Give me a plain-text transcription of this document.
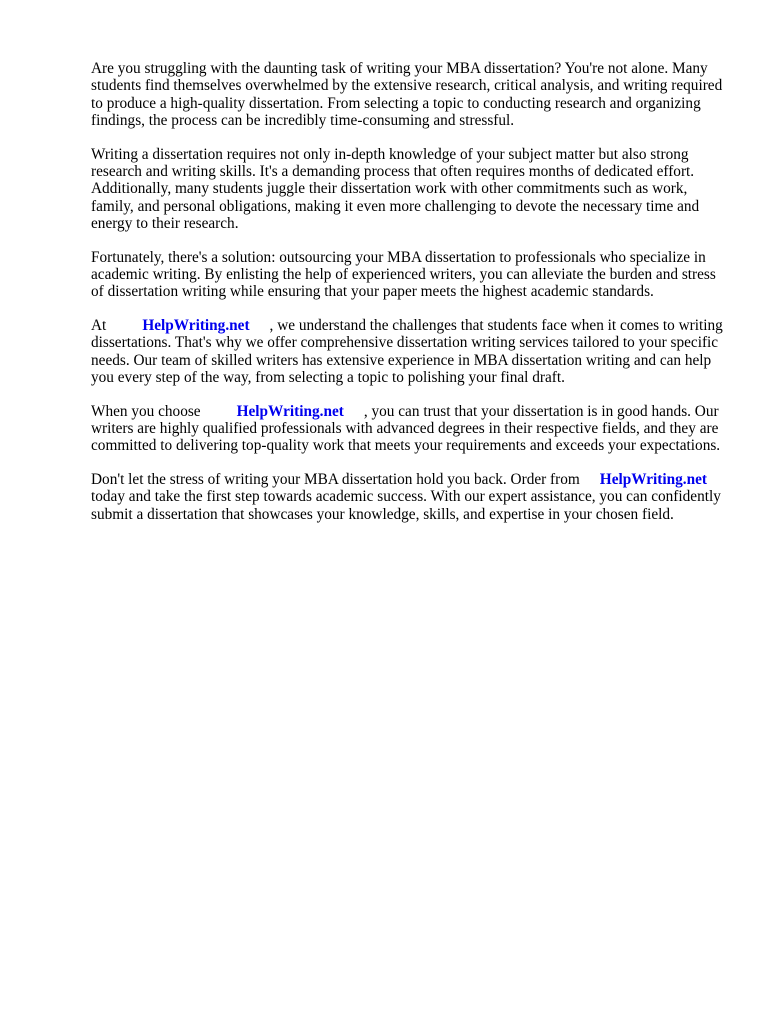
Are you struggling with the daunting task of writing your MBA dissertation? You're not alone. Many students find themselves overwhelmed by the extensive research, critical analysis, and writing required to produce a high-quality dissertation. From selecting a topic to conducting research and organizing findings, the process can be incredibly time-consuming and stressful.

Writing a dissertation requires not only in-depth knowledge of your subject matter but also strong research and writing skills. It's a demanding process that often requires months of dedicated effort. Additionally, many students juggle their dissertation work with other commitments such as work, family, and personal obligations, making it even more challenging to devote the necessary time and energy to their research.

Fortunately, there's a solution: outsourcing your MBA dissertation to professionals who specialize in academic writing. By enlisting the help of experienced writers, you can alleviate the burden and stress of dissertation writing while ensuring that your paper meets the highest academic standards.

At HelpWriting.net , we understand the challenges that students face when it comes to writing dissertations. That's why we offer comprehensive dissertation writing services tailored to your specific needs. Our team of skilled writers has extensive experience in MBA dissertation writing and can help you every step of the way, from selecting a topic to polishing your final draft.

When you choose HelpWriting.net , you can trust that your dissertation is in good hands. Our writers are highly qualified professionals with advanced degrees in their respective fields, and they are committed to delivering top-quality work that meets your requirements and exceeds your expectations.

Don't let the stress of writing your MBA dissertation hold you back. Order from HelpWriting.net today and take the first step towards academic success. With our expert assistance, you can confidently submit a dissertation that showcases your knowledge, skills, and expertise in your chosen field.
